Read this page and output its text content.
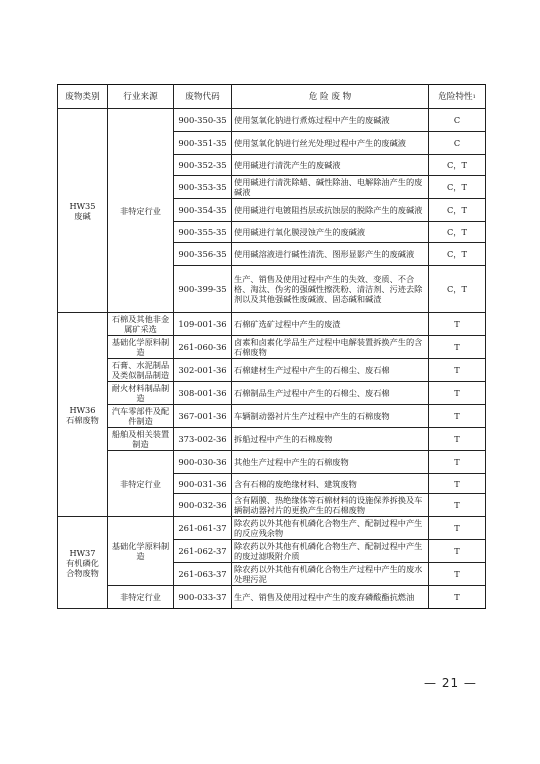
废物类别	行业来源	废物代码	危 险 废 物	危险特性$^1$
HW35
废碱	非特定行业	900-350-35	使用氢氧化钠进行煮炼过程中产生的废碱液	C
		900-351-35	使用氢氧化钠进行丝光处理过程中产生的废碱液	C
		900-352-35	使用碱进行清洗产生的废碱液	C，T
		900-353-35	使用碱进行清洗除蜡、碱性除油、电解除油产生的废碱液	C，T
		900-354-35	使用碱进行电镀阻挡层或抗蚀层的脱除产生的废碱液	C，T
		900-355-35	使用碱进行氧化膜浸蚀产生的废碱液	C，T
		900-356-35	使用碱溶液进行碱性清洗、图形显影产生的废碱液	C，T
		900-399-35	生产、销售及使用过程中产生的失效、变质、不合格、淘汰、伪劣的强碱性擦洗粉、清洁剂、污迹去除剂以及其他强碱性废碱液、固态碱和碱渣	C，T
HW36
石棉废物	石棉及其他非金属矿采选	109-001-36	石棉矿选矿过程中产生的废渣	T
	基础化学原料制造	261-060-36	卤素和卤素化学品生产过程中电解装置拆换产生的含石棉废物	T
	石膏、水泥制品及类似制品制造	302-001-36	石棉建材生产过程中产生的石棉尘、废石棉	T
	耐火材料制品制造	308-001-36	石棉制品生产过程中产生的石棉尘、废石棉	T
	汽车零部件及配件制造	367-001-36	车辆制动器衬片生产过程中产生的石棉废物	T
	船舶及相关装置制造	373-002-36	拆船过程中产生的石棉废物	T
	非特定行业	900-030-36	其他生产过程中产生的石棉废物	T
		900-031-36	含有石棉的废绝缘材料、建筑废物	T
		900-032-36	含有隔膜、热绝缘体等石棉材料的设施保养拆换及车辆制动器衬片的更换产生的石棉废物	T
HW37
有机磷化
合物废物	基础化学原料制造	261-061-37	除农药以外其他有机磷化合物生产、配制过程中产生的反应残余物	T
		261-062-37	除农药以外其他有机磷化合物生产、配制过程中产生的废过滤吸附介质	T
		261-063-37	除农药以外其他有机磷化合物生产过程中产生的废水处理污泥	T
	非特定行业	900-033-37	生产、销售及使用过程中产生的废弃磷酸酯抗燃油	T
— 21 —
